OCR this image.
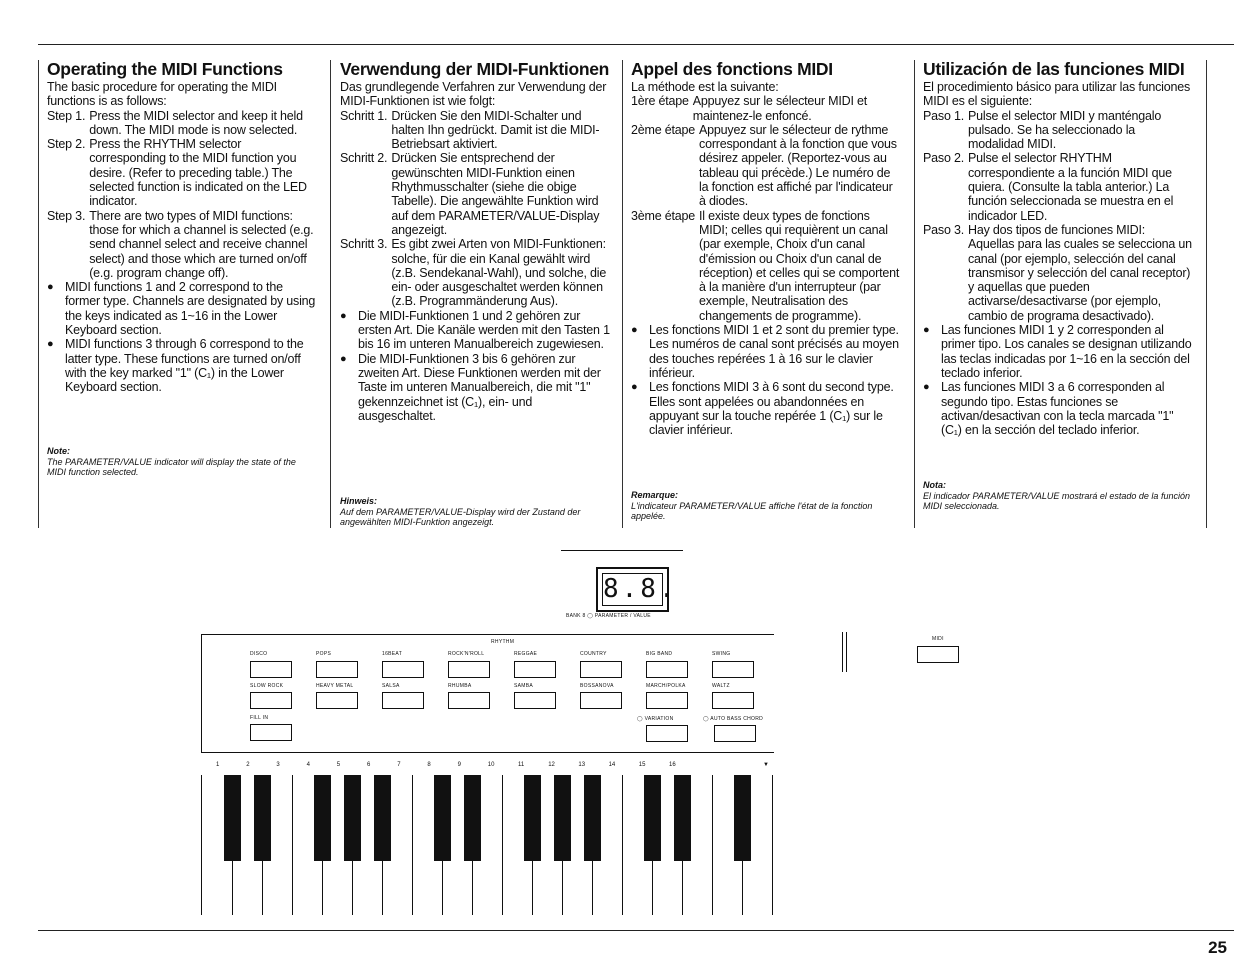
Operating the MIDI Functions

The basic procedure for operating the MIDI functions is as follows:

Step 1. Press the MIDI selector and keep it held down. The MIDI mode is now selected.
Step 2. Press the RHYTHM selector corresponding to the MIDI function you desire. (Refer to preceding table.) The selected function is indicated on the LED indicator.
Step 3. There are two types of MIDI functions: those for which a channel is selected (e.g. send channel select and receive channel select) and those which are turned on/off (e.g. program change off).
● MIDI functions 1 and 2 correspond to the former type. Channels are designated by using the keys indicated as 1~16 in the Lower Keyboard section.
● MIDI functions 3 through 6 correspond to the latter type. These functions are turned on/off with the key marked "1" (C₁) in the Lower Keyboard section.
Verwendung der MIDI-Funktionen

Das grundlegende Verfahren zur Verwendung der MIDI-Funktionen ist wie folgt:

Schritt 1. Drücken Sie den MIDI-Schalter und halten Ihn gedrückt. Damit ist die MIDI-Betriebsart aktiviert.
Schritt 2. Drücken Sie entsprechend der gewünschten MIDI-Funktion einen Rhythmusschalter (siehe die obige Tabelle). Die angewählte Funktion wird auf dem PARAMETER/VALUE-Display angezeigt.
Schritt 3. Es gibt zwei Arten von MIDI-Funktionen: solche, für die ein Kanal gewählt wird (z.B. Sendekanal-Wahl), und solche, die ein- oder ausgeschaltet werden können (z.B. Programmänderung Aus).
● Die MIDI-Funktionen 1 und 2 gehören zur ersten Art. Die Kanäle werden mit den Tasten 1 bis 16 im unteren Manualbereich zugewiesen.
● Die MIDI-Funktionen 3 bis 6 gehören zur zweiten Art. Diese Funktionen werden mit der Taste im unteren Manualbereich, die mit "1" gekennzeichnet ist (C₁), ein- und ausgeschaltet.
Appel des fonctions MIDI

La méthode est la suivante:

1ère étape Appuyez sur le sélecteur MIDI et maintenez-le enfoncé.
2ème étape Appuyez sur le sélecteur de rythme correspondant à la fonction que vous désirez appeler. (Reportez-vous au tableau qui précède.) Le numéro de la fonction est affiché par l'indicateur à diodes.
3ème étape Il existe deux types de fonctions MIDI; celles qui requièrent un canal (par exemple, Choix d'un canal d'émission ou Choix d'un canal de réception) et celles qui se comportent à la manière d'un interrupteur (par exemple, Neutralisation des changements de programme).
● Les fonctions MIDI 1 et 2 sont du premier type. Les numéros de canal sont précisés au moyen des touches repérées 1 à 16 sur le clavier inférieur.
● Les fonctions MIDI 3 à 6 sont du second type. Elles sont appelées ou abandonnées en appuyant sur la touche repérée 1 (C₁) sur le clavier inférieur.
Utilización de las funciones MIDI

El procedimiento básico para utilizar las funciones MIDI es el siguiente:

Paso 1. Pulse el selector MIDI y manténgalo pulsado. Se ha seleccionado la modalidad MIDI.
Paso 2. Pulse el selector RHYTHM correspondiente a la función MIDI que quiera. (Consulte la tabla anterior.) La función seleccionada se muestra en el indicador LED.
Paso 3. Hay dos tipos de funciones MIDI: Aquellas para las cuales se selecciona un canal (por ejemplo, selección del canal transmisor y selección del canal receptor) y aquellas que pueden activarse/desactivarse (por ejemplo, cambio de programa desactivado).
● Las funciones MIDI 1 y 2 corresponden al primer tipo. Los canales se designan utilizando las teclas indicadas por 1~16 en la sección del teclado inferior.
● Las funciones MIDI 3 a 6 corresponden al segundo tipo. Estas funciones se activan/desactivan con la tecla marcada "1" (C₁) en la sección del teclado inferior.
Note:
The PARAMETER/VALUE indicator will display the state of the MIDI function selected.
Hinweis:
Auf dem PARAMETER/VALUE-Display wird der Zustand der angewählten MIDI-Funktion angezeigt.
Remarque:
L'indicateur PARAMETER/VALUE affiche l'état de la fonction appelée.
Nota:
El indicador PARAMETER/VALUE mostrará el estado de la función MIDI seleccionada.
8.8.
BANK 8 ◯ PARAMETER / VALUE
RHYTHM
DISCO	POPS	16BEAT	ROCK'N'ROLL	REGGAE	COUNTRY	BIG BAND	SWING
SLOW ROCK	HEAVY METAL	SALSA	RHUMBA	SAMBA	BOSSANOVA	MARCH/POLKA	WALTZ
FILL IN	◯ VARIATION	◯ AUTO BASS CHORD
MIDI
1	2	3	4	5	6	7	8	9	10	11	12	13	14	15	16	▼
25
